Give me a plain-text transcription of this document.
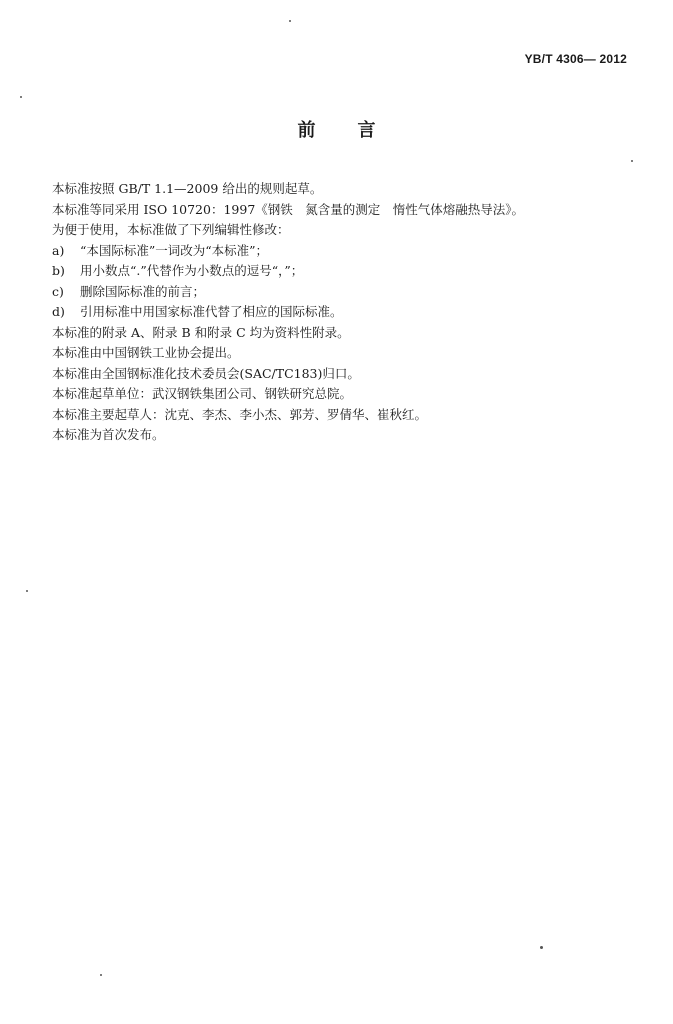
YB/T 4306— 2012
前言
本标准按照 GB/T 1.1—2009 给出的规则起草。
本标准等同采用 ISO 10720：1997《钢铁　氮含量的测定　惰性气体熔融热导法》。
为便于使用，本标准做了下列编辑性修改：
a)	“本国际标准”一词改为“本标准”；
b)	用小数点“.”代替作为小数点的逗号“，”；
c)	删除国际标准的前言；
d)	引用标准中用国家标准代替了相应的国际标准。
本标准的附录 A、附录 B 和附录 C 均为资料性附录。
本标准由中国钢铁工业协会提出。
本标准由全国钢标准化技术委员会(SAC/TC183)归口。
本标准起草单位：武汉钢铁集团公司、钢铁研究总院。
本标准主要起草人：沈克、李杰、李小杰、郭芳、罗倩华、崔秋红。
本标准为首次发布。
